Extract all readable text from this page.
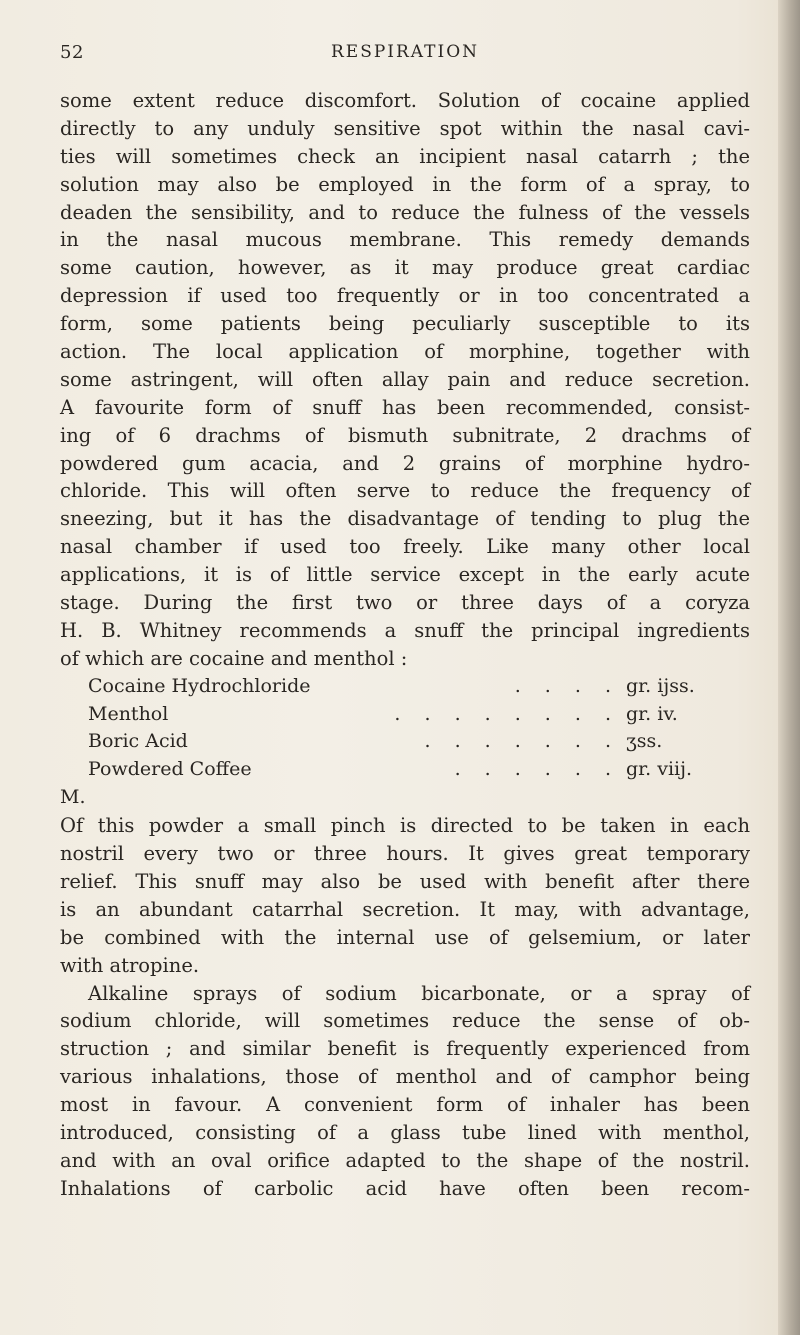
52	RESPIRATION
some extent reduce discomfort. Solution of cocaine applied
directly to any unduly sensitive spot within the nasal cavi-
ties will sometimes check an incipient nasal catarrh ; the
solution may also be employed in the form of a spray, to
deaden the sensibility, and to reduce the fulness of the vessels
in the nasal mucous membrane. This remedy demands
some caution, however, as it may produce great cardiac
depression if used too frequently or in too concentrated a
form, some patients being peculiarly susceptible to its
action. The local application of morphine, together with
some astringent, will often allay pain and reduce secretion.
A favourite form of snuff has been recommended, consist-
ing of 6 drachms of bismuth subnitrate, 2 drachms of
powdered gum acacia, and 2 grains of morphine hydro-
chloride. This will often serve to reduce the frequency of
sneezing, but it has the disadvantage of tending to plug the
nasal chamber if used too freely. Like many other local
applications, it is of little service except in the early acute
stage. During the first two or three days of a coryza
H. B. Whitney recommends a snuff the principal ingredients
of which are cocaine and menthol :
Cocaine Hydrochloride	. . . . gr. ijss.
Menthol	. . . . . . . . gr. iv.
Boric Acid	. . . . . . . ʒss.
Powdered Coffee	. . . . . . gr. viij.
M.
Of this powder a small pinch is directed to be taken in each
nostril every two or three hours. It gives great temporary
relief. This snuff may also be used with benefit after there
is an abundant catarrhal secretion. It may, with advantage,
be combined with the internal use of gelsemium, or later
with atropine.
Alkaline sprays of sodium bicarbonate, or a spray of
sodium chloride, will sometimes reduce the sense of ob-
struction ; and similar benefit is frequently experienced from
various inhalations, those of menthol and of camphor being
most in favour. A convenient form of inhaler has been
introduced, consisting of a glass tube lined with menthol,
and with an oval orifice adapted to the shape of the nostril.
Inhalations of carbolic acid have often been recom-
